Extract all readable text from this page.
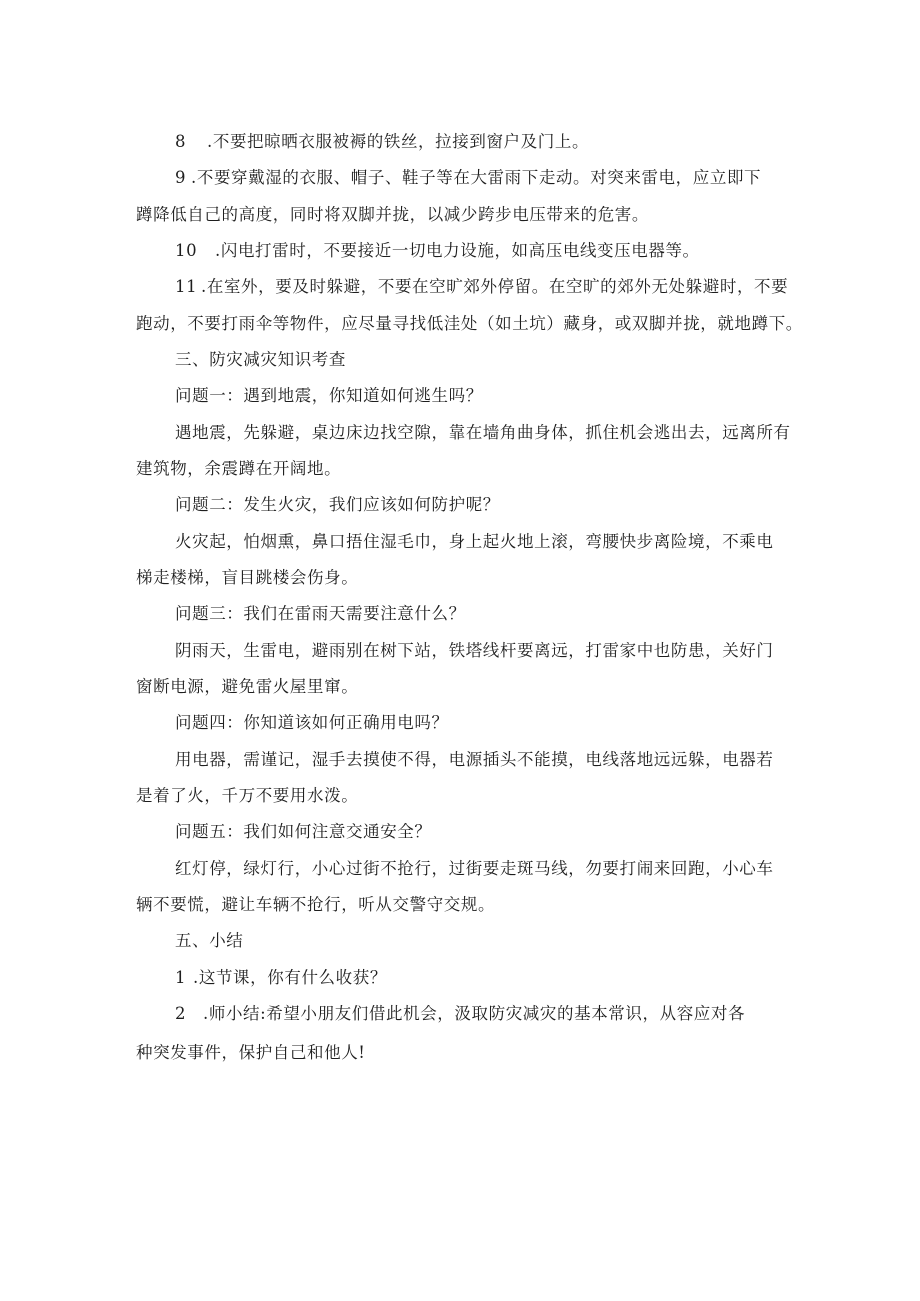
8 .不要把晾晒衣服被褥的铁丝，拉接到窗户及门上。
9 .不要穿戴湿的衣服、帽子、鞋子等在大雷雨下走动。对突来雷电，应立即下
蹲降低自己的高度，同时将双脚并拢，以减少跨步电压带来的危害。
10 .闪电打雷时，不要接近一切电力设施，如高压电线变压电器等。
11 .在室外，要及时躲避，不要在空旷郊外停留。在空旷的郊外无处躲避时，不要
跑动，不要打雨伞等物件，应尽量寻找低洼处（如土坑）藏身，或双脚并拢，就地蹲下。
三、防灾减灾知识考查
问题一：遇到地震，你知道如何逃生吗？
遇地震，先躲避，桌边床边找空隙，靠在墙角曲身体，抓住机会逃出去，远离所有
建筑物，余震蹲在开阔地。
问题二：发生火灾，我们应该如何防护呢？
火灾起，怕烟熏，鼻口捂住湿毛巾，身上起火地上滚，弯腰快步离险境，不乘电
梯走楼梯，盲目跳楼会伤身。
问题三：我们在雷雨天需要注意什么？
阴雨天，生雷电，避雨别在树下站，铁塔线杆要离远，打雷家中也防患，关好门
窗断电源，避免雷火屋里窜。
问题四：你知道该如何正确用电吗？
用电器，需谨记，湿手去摸使不得，电源插头不能摸，电线落地远远躲，电器若
是着了火，千万不要用水泼。
问题五：我们如何注意交通安全？
红灯停，绿灯行，小心过街不抢行，过街要走斑马线，勿要打闹来回跑，小心车
辆不要慌，避让车辆不抢行，听从交警守交规。
五、小结
1 .这节课，你有什么收获？
2 .师小结:希望小朋友们借此机会，汲取防灾减灾的基本常识，从容应对各
种突发事件，保护自己和他人!
